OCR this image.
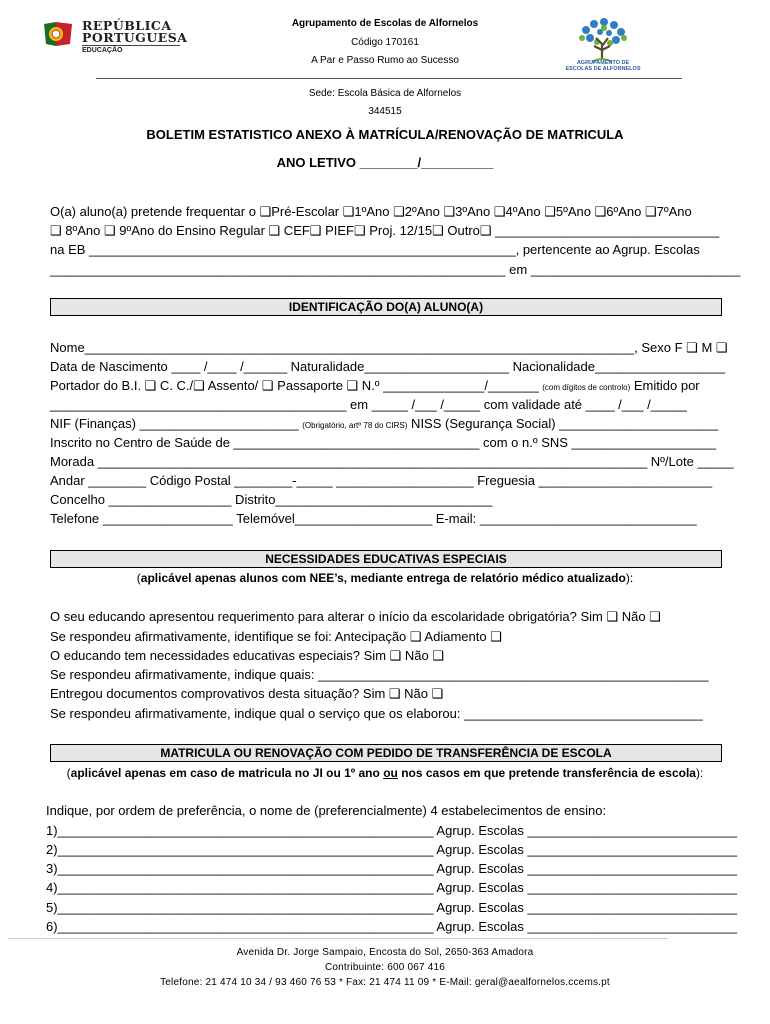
REPÚBLICA
PORTUGUESA
EDUCAÇÃO
Agrupamento de Escolas de Alfornelos
Código 170161
A Par e Passo Rumo ao Sucesso
Sede: Escola Básica de Alfornelos
344515
AGRUPAMENTO DE ESCOLAS DE ALFORNELOS
BOLETIM ESTATISTICO ANEXO À MATRÍCULA/RENOVAÇÃO DE MATRICULA
ANO LETIVO ________/__________
O(a) aluno(a) pretende frequentar o ❑Pré-Escolar ❑1ºAno ❑2ºAno ❑3ºAno ❑4ºAno ❑5ºAno ❑6ºAno ❑7ºAno
❑ 8ºAno ❑ 9ºAno do Ensino Regular ❑ CEF❑ PIEF❑ Proj. 12/15❑ Outro❑ _______________________________
na EB ___________________________________________________________, pertencente ao Agrup. Escolas
_______________________________________________________________ em _____________________________
IDENTIFICAÇÃO DO(A) ALUNO(A)
Nome____________________________________________________________________________, Sexo F ❑ M ❑
Data de Nascimento ____ /____ /______ Naturalidade____________________ Nacionalidade__________________
Portador do B.I. ❑ C. C./❑ Assento/ ❑ Passaporte ❑ N.º ______________/_______ (com dígitos de controlo) Emitido por
_________________________________________ em _____ /___ /_____ com validade até ____ /___ /_____
NIF (Finanças) ______________________ (Obrigatório, artº 78 do CIRS) NISS (Segurança Social) ______________________
Inscrito no Centro de Saúde de __________________________________ com o n.º SNS ____________________
Morada ____________________________________________________________________________ Nº/Lote _____
Andar ________ Código Postal ________-_____ ___________________ Freguesia ________________________
Concelho _________________ Distrito______________________________
Telefone __________________ Telemóvel___________________ E-mail: ______________________________
NECESSIDADES EDUCATIVAS ESPECIAIS
(aplicável apenas alunos com NEE’s, mediante entrega de relatório médico atualizado):
O seu educando apresentou requerimento para alterar o início da escolaridade obrigatória? Sim ❑ Não ❑
Se respondeu afirmativamente, identifique se foi: Antecipação ❑ Adiamento ❑
O educando tem necessidades educativas especiais? Sim ❑ Não ❑
Se respondeu afirmativamente, indique quais: ______________________________________________________
Entregou documentos comprovativos desta situação? Sim ❑ Não ❑
Se respondeu afirmativamente, indique qual o serviço que os elaborou: _________________________________
MATRICULA OU RENOVAÇÃO COM PEDIDO DE TRANSFERÊNCIA DE ESCOLA
(aplicável apenas em caso de matricula no JI ou 1º ano ou nos casos em que pretende transferência de escola):
Indique, por ordem de preferência, o nome de (preferencialmente) 4 estabelecimentos de ensino:
1)____________________________________________________ Agrup. Escolas _____________________________
2)____________________________________________________ Agrup. Escolas _____________________________
3)____________________________________________________ Agrup. Escolas _____________________________
4)____________________________________________________ Agrup. Escolas _____________________________
5)____________________________________________________ Agrup. Escolas _____________________________
6)____________________________________________________ Agrup. Escolas _____________________________
Avenida Dr. Jorge Sampaio, Encosta do Sol, 2650-363 Amadora
Contribuinte: 600 067 416
Telefone: 21 474 10 34 / 93 460 76 53 * Fax: 21 474 11 09 * E-Mail: geral@aealfornelos.ccems.pt
